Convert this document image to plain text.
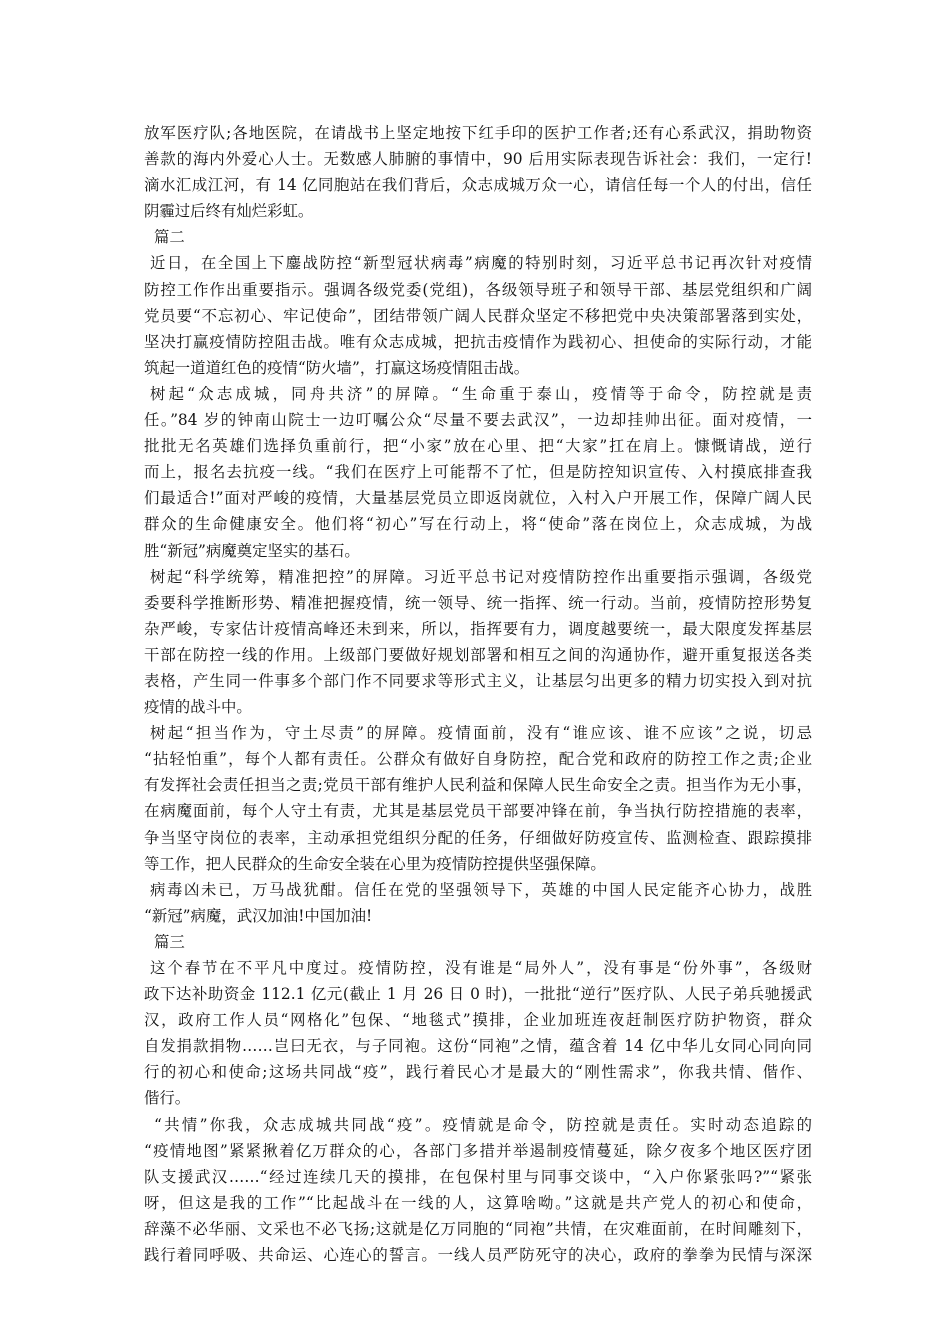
放军医疗队;各地医院，在请战书上坚定地按下红手印的医护工作者;还有心系武汉，捐助物资
善款的海内外爱心人士。无数感人肺腑的事情中，90 后用实际表现告诉社会：我们，一定行!
滴水汇成江河，有 14 亿同胞站在我们背后，众志成城万众一心，请信任每一个人的付出，信任
阴霾过后终有灿烂彩虹。
篇二
近日，在全国上下鏖战防控“新型冠状病毒”病魔的特别时刻，习近平总书记再次针对疫情
防控工作作出重要指示。强调各级党委(党组)，各级领导班子和领导干部、基层党组织和广阔
党员要“不忘初心、牢记使命”，团结带领广阔人民群众坚定不移把党中央决策部署落到实处，
坚决打赢疫情防控阻击战。唯有众志成城，把抗击疫情作为践初心、担使命的实际行动，才能
筑起一道道红色的疫情“防火墙”，打赢这场疫情阻击战。
树起“众志成城，同舟共济”的屏障。“生命重于泰山，疫情等于命令，防控就是责
任。”84 岁的钟南山院士一边叮嘱公众“尽量不要去武汉”，一边却挂帅出征。面对疫情，一
批批无名英雄们选择负重前行，把“小家”放在心里、把“大家”扛在肩上。慷慨请战，逆行
而上，报名去抗疫一线。“我们在医疗上可能帮不了忙，但是防控知识宣传、入村摸底排查我
们最适合!”面对严峻的疫情，大量基层党员立即返岗就位，入村入户开展工作，保障广阔人民
群众的生命健康安全。他们将“初心”写在行动上，将“使命”落在岗位上，众志成城，为战
胜“新冠”病魔奠定坚实的基石。
树起“科学统筹，精准把控”的屏障。习近平总书记对疫情防控作出重要指示强调，各级党
委要科学推断形势、精准把握疫情，统一领导、统一指挥、统一行动。当前，疫情防控形势复
杂严峻，专家估计疫情高峰还未到来，所以，指挥要有力，调度越要统一，最大限度发挥基层
干部在防控一线的作用。上级部门要做好规划部署和相互之间的沟通协作，避开重复报送各类
表格，产生同一件事多个部门作不同要求等形式主义，让基层匀出更多的精力切实投入到对抗
疫情的战斗中。
树起“担当作为，守土尽责”的屏障。疫情面前，没有“谁应该、谁不应该”之说，切忌
“拈轻怕重”，每个人都有责任。公群众有做好自身防控，配合党和政府的防控工作之责;企业
有发挥社会责任担当之责;党员干部有维护人民利益和保障人民生命安全之责。担当作为无小事，
在病魔面前，每个人守土有责，尤其是基层党员干部要冲锋在前，争当执行防控措施的表率，
争当坚守岗位的表率，主动承担党组织分配的任务，仔细做好防疫宣传、监测检查、跟踪摸排
等工作，把人民群众的生命安全装在心里为疫情防控提供坚强保障。
病毒凶未已，万马战犹酣。信任在党的坚强领导下，英雄的中国人民定能齐心协力，战胜
“新冠”病魔，武汉加油!中国加油!
篇三
这个春节在不平凡中度过。疫情防控，没有谁是“局外人”，没有事是“份外事”，各级财
政下达补助资金 112.1 亿元(截止 1 月 26 日 0 时)，一批批“逆行”医疗队、人民子弟兵驰援武
汉，政府工作人员“网格化”包保、“地毯式”摸排，企业加班连夜赶制医疗防护物资，群众
自发捐款捐物……岂曰无衣，与子同袍。这份“同袍”之情，蕴含着 14 亿中华儿女同心同向同
行的初心和使命;这场共同战“疫”，践行着民心才是最大的“刚性需求”，你我共情、偕作、
偕行。
“共情”你我，众志成城共同战“疫”。疫情就是命令，防控就是责任。实时动态追踪的
“疫情地图”紧紧揪着亿万群众的心，各部门多措并举遏制疫情蔓延，除夕夜多个地区医疗团
队支援武汉……“经过连续几天的摸排，在包保村里与同事交谈中，“入户你紧张吗?”“紧张
呀，但这是我的工作”“比起战斗在一线的人，这算啥呦。”这就是共产党人的初心和使命，
辞藻不必华丽、文采也不必飞扬;这就是亿万同胞的“同袍”共情，在灾难面前，在时间雕刻下，
践行着同呼吸、共命运、心连心的誓言。一线人员严防死守的决心，政府的拳拳为民情与深深
